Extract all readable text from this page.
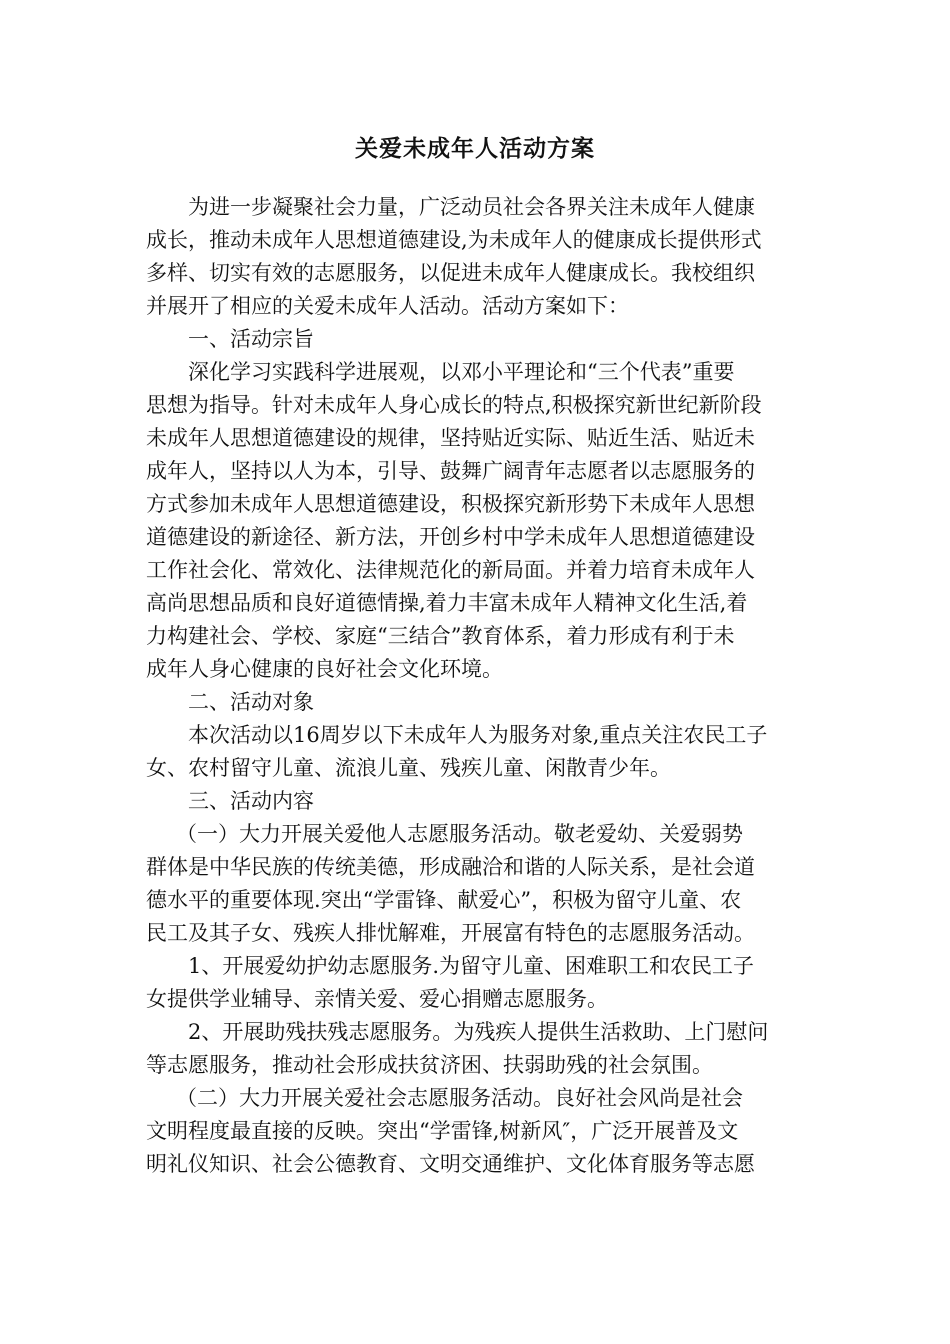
关爱未成年人活动方案
为进一步凝聚社会力量，广泛动员社会各界关注未成年人健康
成长，推动未成年人思想道德建设,为未成年人的健康成长提供形式
多样、切实有效的志愿服务，以促进未成年人健康成长。我校组织
并展开了相应的关爱未成年人活动。活动方案如下：
一、活动宗旨
深化学习实践科学进展观，以邓小平理论和“三个代表”重要
思想为指导。针对未成年人身心成长的特点,积极探究新世纪新阶段
未成年人思想道德建设的规律，坚持贴近实际、贴近生活、贴近未
成年人，坚持以人为本，引导、鼓舞广阔青年志愿者以志愿服务的
方式参加未成年人思想道德建设，积极探究新形势下未成年人思想
道德建设的新途径、新方法，开创乡村中学未成年人思想道德建设
工作社会化、常效化、法律规范化的新局面。并着力培育未成年人
高尚思想品质和良好道德情操,着力丰富未成年人精神文化生活,着
力构建社会、学校、家庭“三结合”教育体系，着力形成有利于未
成年人身心健康的良好社会文化环境。
二、活动对象
本次活动以16周岁以下未成年人为服务对象,重点关注农民工子
女、农村留守儿童、流浪儿童、残疾儿童、闲散青少年。
三、活动内容
（一）大力开展关爱他人志愿服务活动。敬老爱幼、关爱弱势
群体是中华民族的传统美德，形成融洽和谐的人际关系，是社会道
德水平的重要体现.突出“学雷锋、献爱心”，积极为留守儿童、农
民工及其子女、残疾人排忧解难，开展富有特色的志愿服务活动。
1、开展爱幼护幼志愿服务.为留守儿童、困难职工和农民工子
女提供学业辅导、亲情关爱、爱心捐赠志愿服务。
2、开展助残扶残志愿服务。为残疾人提供生活救助、上门慰问
等志愿服务，推动社会形成扶贫济困、扶弱助残的社会氛围。
（二）大力开展关爱社会志愿服务活动。良好社会风尚是社会
文明程度最直接的反映。突出“学雷锋,树新风″，广泛开展普及文
明礼仪知识、社会公德教育、文明交通维护、文化体育服务等志愿
